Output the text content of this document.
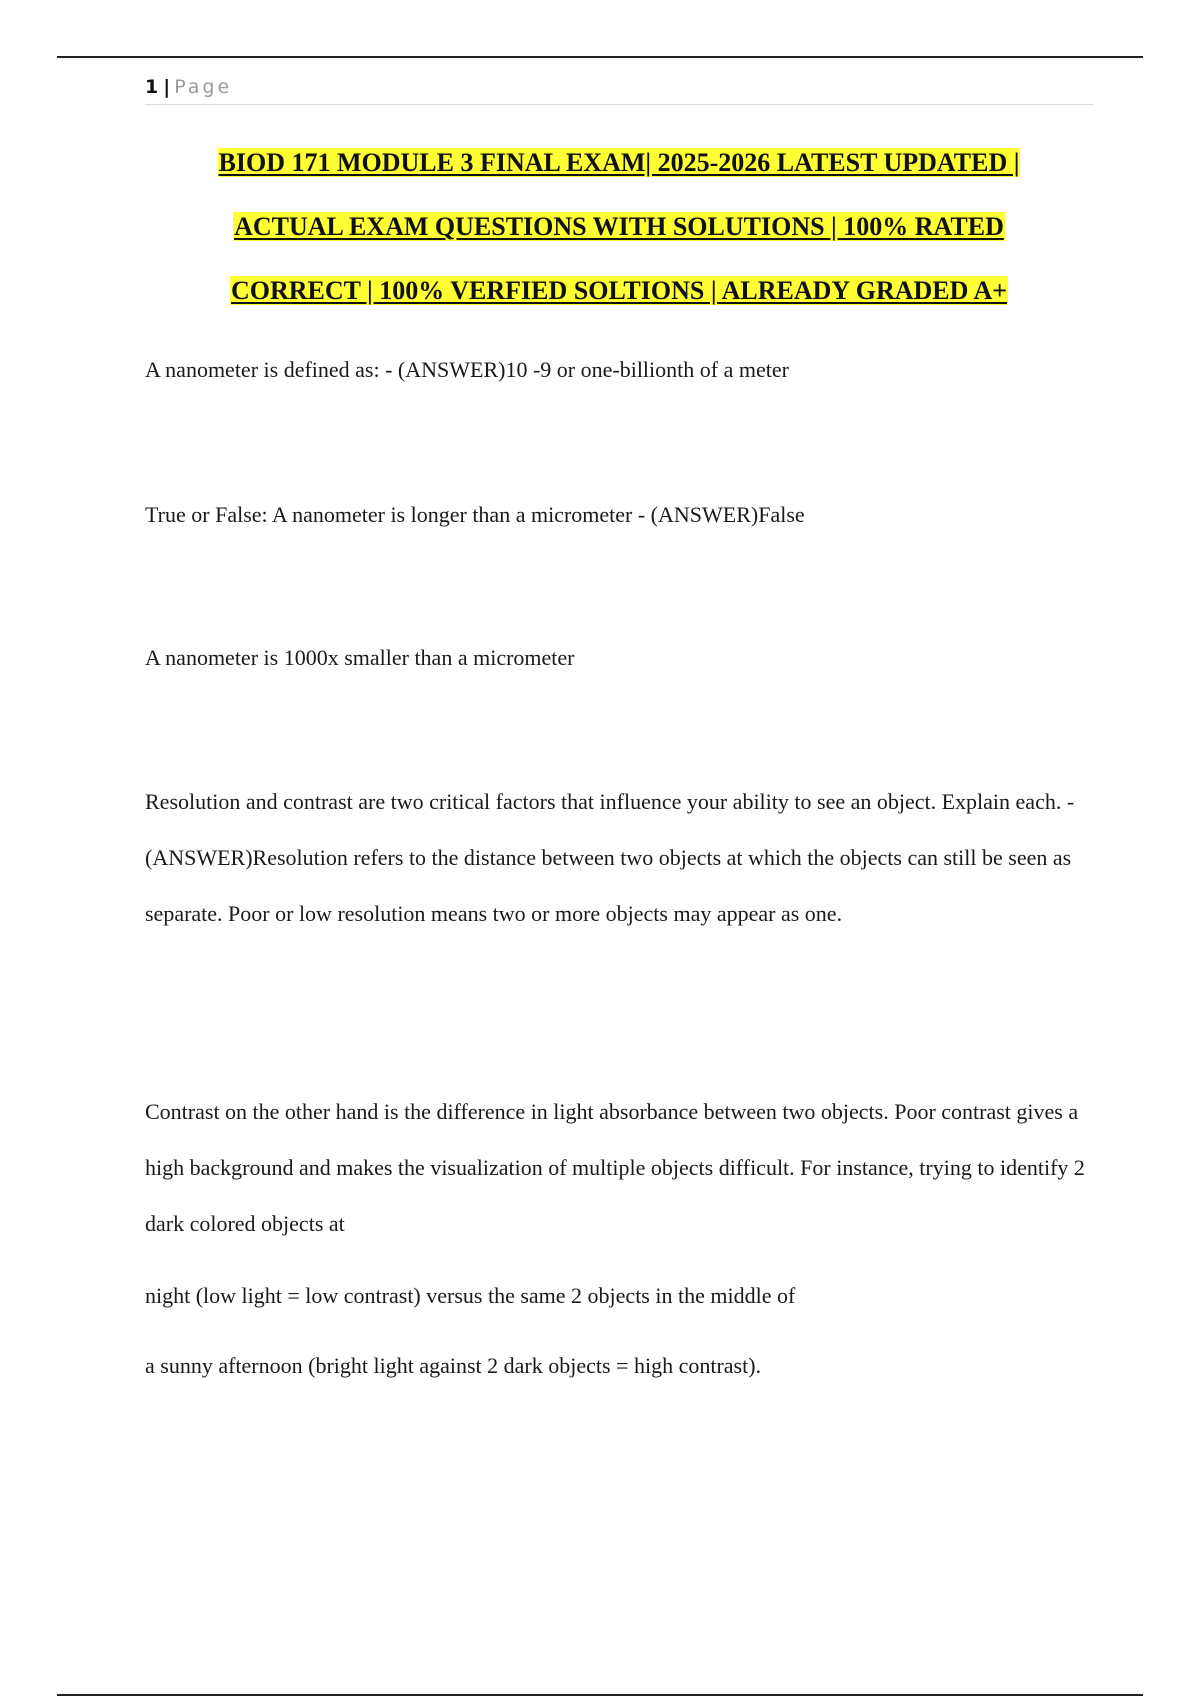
1 | Page
BIOD 171 MODULE 3 FINAL EXAM| 2025-2026 LATEST UPDATED |
ACTUAL EXAM QUESTIONS WITH SOLUTIONS | 100% RATED
CORRECT | 100% VERFIED SOLTIONS | ALREADY GRADED A+

A nanometer is defined as: - (ANSWER)10 -9 or one-billionth of a meter

True or False: A nanometer is longer than a micrometer - (ANSWER)False

A nanometer is 1000x smaller than a micrometer

Resolution and contrast are two critical factors that influence your ability to see an object. Explain each. - (ANSWER)Resolution refers to the distance between two objects at which the objects can still be seen as separate. Poor or low resolution means two or more objects may appear as one.

Contrast on the other hand is the difference in light absorbance between two objects. Poor contrast gives a high background and makes the visualization of multiple objects difficult. For instance, trying to identify 2 dark colored objects at

night (low light = low contrast) versus the same 2 objects in the middle of

a sunny afternoon (bright light against 2 dark objects = high contrast).
